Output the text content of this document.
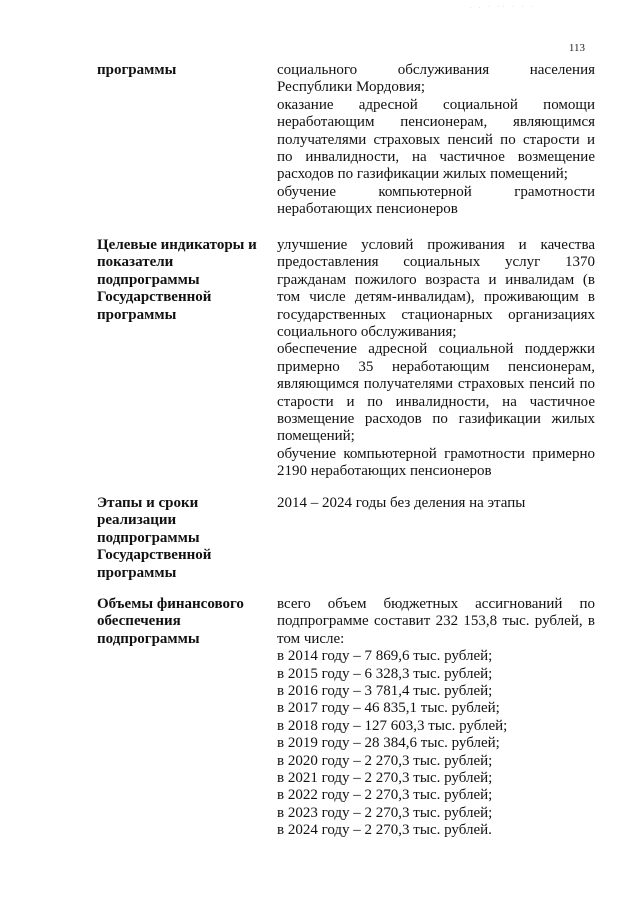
. . · ·· · · ·
113
программы	социального обслуживания населения Республики Мордовия;

оказание адресной социальной помощи неработающим пенсионерам, являющимся получателями страховых пенсий по старости и по инвалидности, на частичное возмещение расходов по газификации жилых помещений;

обучение компьютерной грамотности неработающих пенсионеров

Целевые индикаторы и показатели подпрограммы Государственной программы

улучшение условий проживания и качества предоставления социальных услуг 1370 гражданам пожилого возраста и инвалидам (в том числе детям-инвалидам), проживающим в государственных стационарных организациях социального обслуживания;

обеспечение адресной социальной поддержки примерно 35 неработающим пенсионерам, являющимся получателями страховых пенсий по старости и по инвалидности, на частичное возмещение расходов по газификации жилых помещений;

обучение компьютерной грамотности примерно 2190 неработающих пенсионеров

Этапы и сроки реализации подпрограммы Государственной программы

2014 – 2024 годы без деления на этапы

Объемы финансового обеспечения подпрограммы

всего объем бюджетных ассигнований по подпрограмме составит 232 153,8 тыс. рублей, в том числе:

в 2014 году – 7 869,6 тыс. рублей;

в 2015 году – 6 328,3 тыс. рублей;

в 2016 году – 3 781,4 тыс. рублей;

в 2017 году – 46 835,1 тыс. рублей;

в 2018 году – 127 603,3 тыс. рублей;

в 2019 году – 28 384,6 тыс. рублей;

в 2020 году – 2 270,3 тыс. рублей;

в 2021 году – 2 270,3 тыс. рублей;

в 2022 году – 2 270,3 тыс. рублей;

в 2023 году – 2 270,3 тыс. рублей;

в 2024 году – 2 270,3 тыс. рублей.
